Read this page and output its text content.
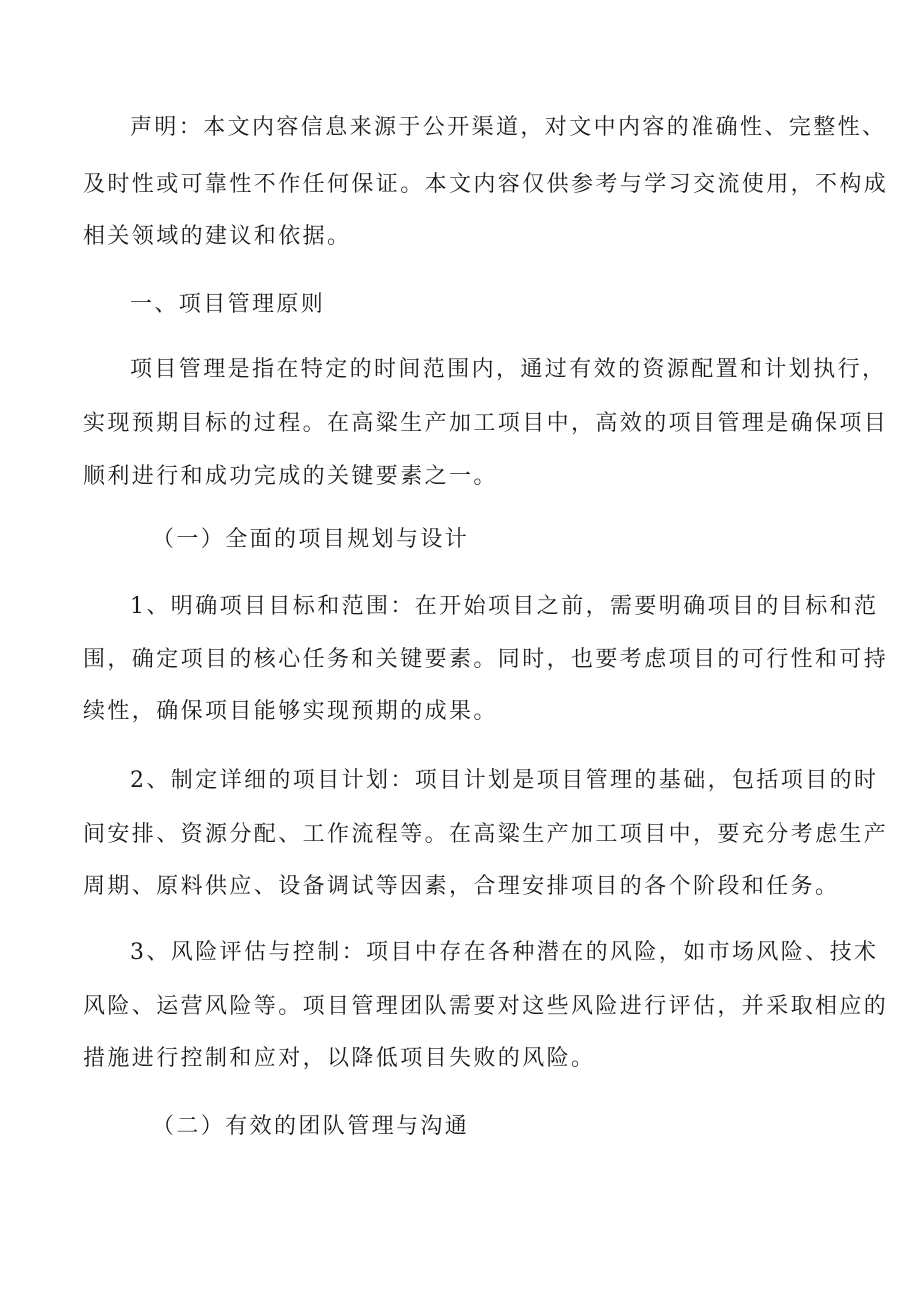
声明：本文内容信息来源于公开渠道，对文中内容的准确性、完整性、

及时性或可靠性不作任何保证。本文内容仅供参考与学习交流使用，不构成

相关领域的建议和依据。

一、项目管理原则

项目管理是指在特定的时间范围内，通过有效的资源配置和计划执行，

实现预期目标的过程。在高粱生产加工项目中，高效的项目管理是确保项目

顺利进行和成功完成的关键要素之一。

（一）全面的项目规划与设计

1、明确项目目标和范围：在开始项目之前，需要明确项目的目标和范

围，确定项目的核心任务和关键要素。同时，也要考虑项目的可行性和可持

续性，确保项目能够实现预期的成果。

2、制定详细的项目计划：项目计划是项目管理的基础，包括项目的时

间安排、资源分配、工作流程等。在高粱生产加工项目中，要充分考虑生产

周期、原料供应、设备调试等因素，合理安排项目的各个阶段和任务。

3、风险评估与控制：项目中存在各种潜在的风险，如市场风险、技术

风险、运营风险等。项目管理团队需要对这些风险进行评估，并采取相应的

措施进行控制和应对，以降低项目失败的风险。

（二）有效的团队管理与沟通
